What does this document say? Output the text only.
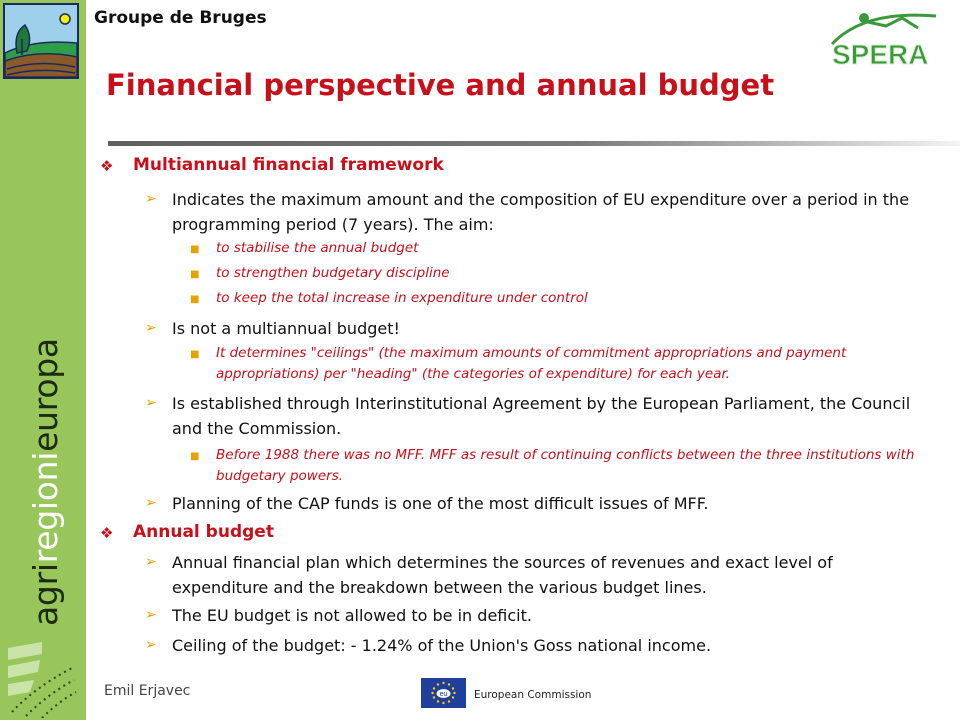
agriregionieuropa
Groupe de Bruges
SPERA
Financial perspective and annual budget
❖ Multiannual financial framework
➢ Indicates the maximum amount and the composition of EU expenditure over a period in the programming period (7 years). The aim:
■ to stabilise the annual budget
■ to strengthen budgetary discipline
■ to keep the total increase in expenditure under control
➢ Is not a multiannual budget!
■ It determines "ceilings" (the maximum amounts of commitment appropriations and payment appropriations) per "heading" (the categories of expenditure) for each year.
➢ Is established through Interinstitutional Agreement by the European Parliament, the Council and the Commission.
■ Before 1988 there was no MFF. MFF as result of continuing conflicts between the three institutions with budgetary powers.
➢ Planning of the CAP funds is one of the most difficult issues of MFF.
❖ Annual budget
➢ Annual financial plan which determines the sources of revenues and exact level of expenditure and the breakdown between the various budget lines.
➢ The EU budget is not allowed to be in deficit.
➢ Ceiling of the budget: - 1.24% of the Union's Goss national income.
Emil Erjavec	eu	European Commission
